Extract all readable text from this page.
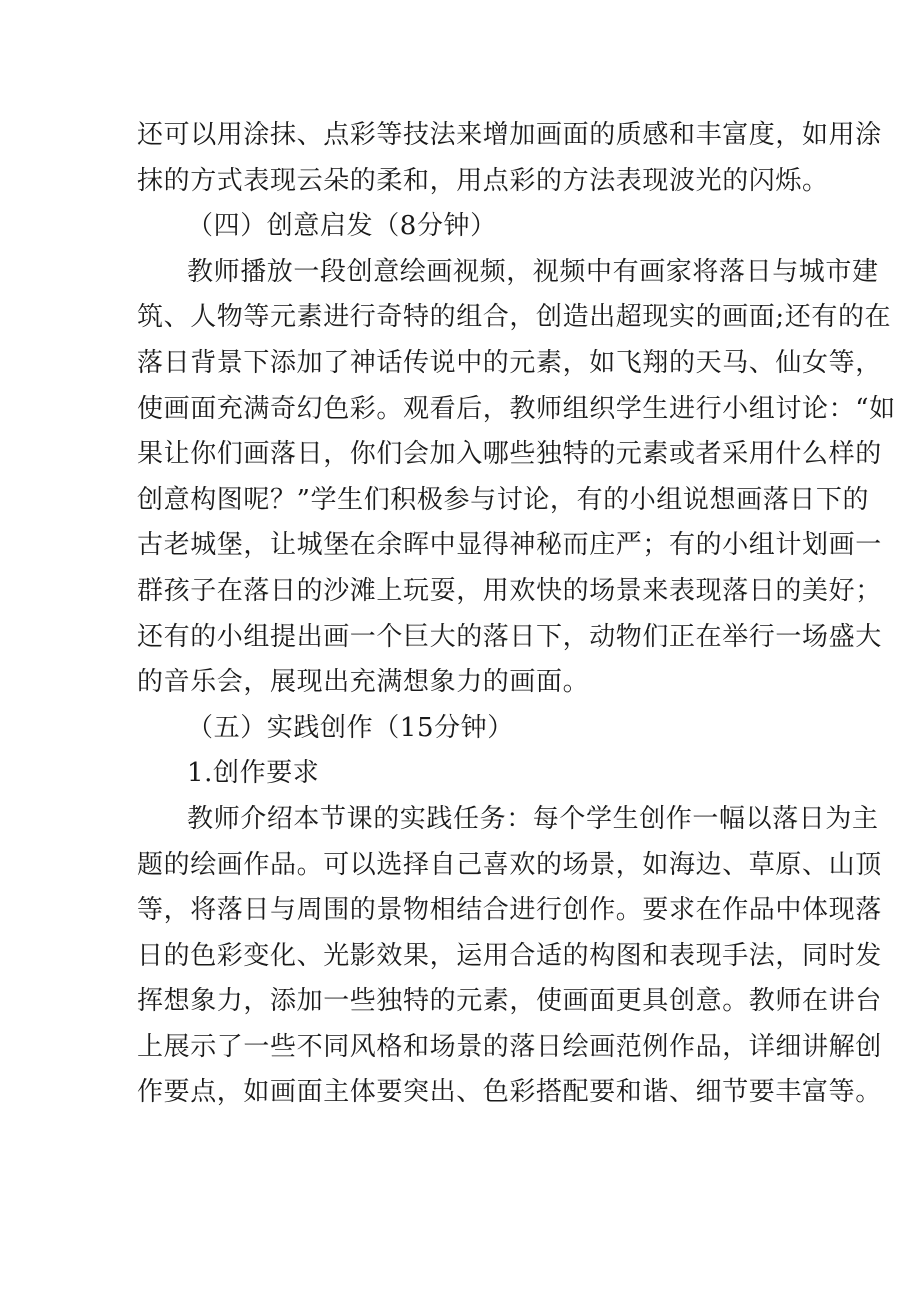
还可以用涂抹、点彩等技法来增加画面的质感和丰富度，如用涂
抹的方式表现云朵的柔和，用点彩的方法表现波光的闪烁。
（四）创意启发（8分钟）
教师播放一段创意绘画视频，视频中有画家将落日与城市建
筑、人物等元素进行奇特的组合，创造出超现实的画面;还有的在
落日背景下添加了神话传说中的元素，如飞翔的天马、仙女等，
使画面充满奇幻色彩。观看后，教师组织学生进行小组讨论：“如
果让你们画落日，你们会加入哪些独特的元素或者采用什么样的
创意构图呢？”学生们积极参与讨论，有的小组说想画落日下的
古老城堡，让城堡在余晖中显得神秘而庄严；有的小组计划画一
群孩子在落日的沙滩上玩耍，用欢快的场景来表现落日的美好；
还有的小组提出画一个巨大的落日下，动物们正在举行一场盛大
的音乐会，展现出充满想象力的画面。
（五）实践创作（15分钟）
1.创作要求
教师介绍本节课的实践任务：每个学生创作一幅以落日为主
题的绘画作品。可以选择自己喜欢的场景，如海边、草原、山顶
等，将落日与周围的景物相结合进行创作。要求在作品中体现落
日的色彩变化、光影效果，运用合适的构图和表现手法，同时发
挥想象力，添加一些独特的元素，使画面更具创意。教师在讲台
上展示了一些不同风格和场景的落日绘画范例作品，详细讲解创
作要点，如画面主体要突出、色彩搭配要和谐、细节要丰富等。
